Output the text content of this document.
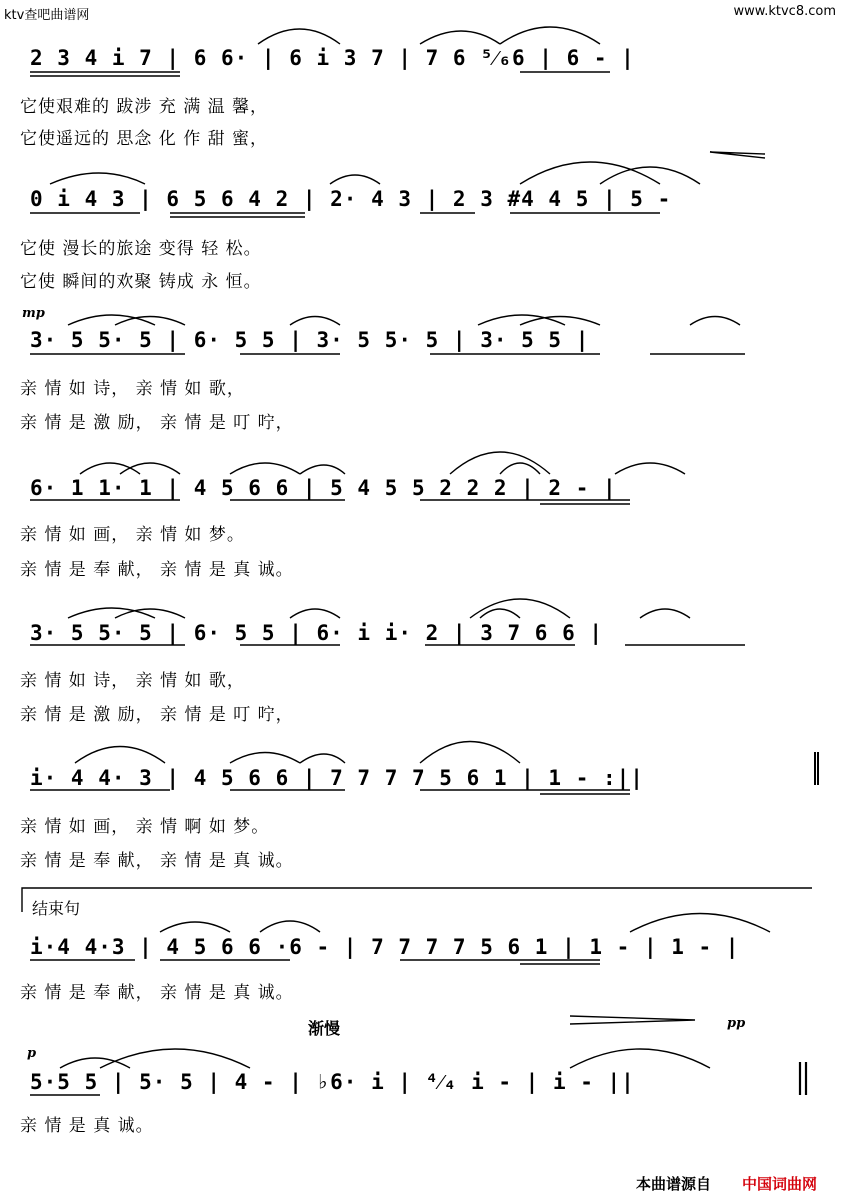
ktv查吧曲谱网	www.ktvc8.com
2 3 4 i 7 | 6 6· | 6 i 3 7 | 7 6 ⁵⁄₆6 | 6 - |
它使艰难的 跋涉 充 满 温 馨，
它使遥远的 思念 化 作 甜 蜜，
0 i 4 3 | 6 5 6 4 2 | 2· 4 3 | 2 3 #4 4 5 | 5 -
它使 漫长的旅途 变得 轻 松。
它使 瞬间的欢聚 铸成 永 恒。
mp
3· 5 5· 5 | 6· 5 5 | 3· 5 5· 5 | 3· 5 5 |
亲 情 如 诗， 亲 情 如 歌，
亲 情 是 激 励， 亲 情 是 叮 咛，
6· 1 1· 1 | 4 5 6 6 | 5 4 5 5 2 2 2 | 2 - |
亲 情 如 画， 亲 情 如 梦。
亲 情 是 奉 献， 亲 情 是 真 诚。
3· 5 5· 5 | 6· 5 5 | 6· i i· 2 | 3 7 6 6 |
亲 情 如 诗， 亲 情 如 歌，
亲 情 是 激 励， 亲 情 是 叮 咛，
i· 4 4· 3 | 4 5 6 6 | 7 7 7 7 5 6 1 | 1 - :||
亲 情 如 画， 亲 情 啊 如 梦。
亲 情 是 奉 献， 亲 情 是 真 诚。
结束句
i·4 4·3 | 4 5 6 6 ·6 - | 7 7 7 7 5 6 1 | 1 - | 1 - |
亲 情 是 奉 献， 亲 情 是 真 诚。
渐慢	pp
p
5·5 5 | 5· 5 | 4 - | ♭6· i | ⁴⁄₄ i - | i - ||
亲 情 是 真 诚。
本曲谱源自 中国词曲网
